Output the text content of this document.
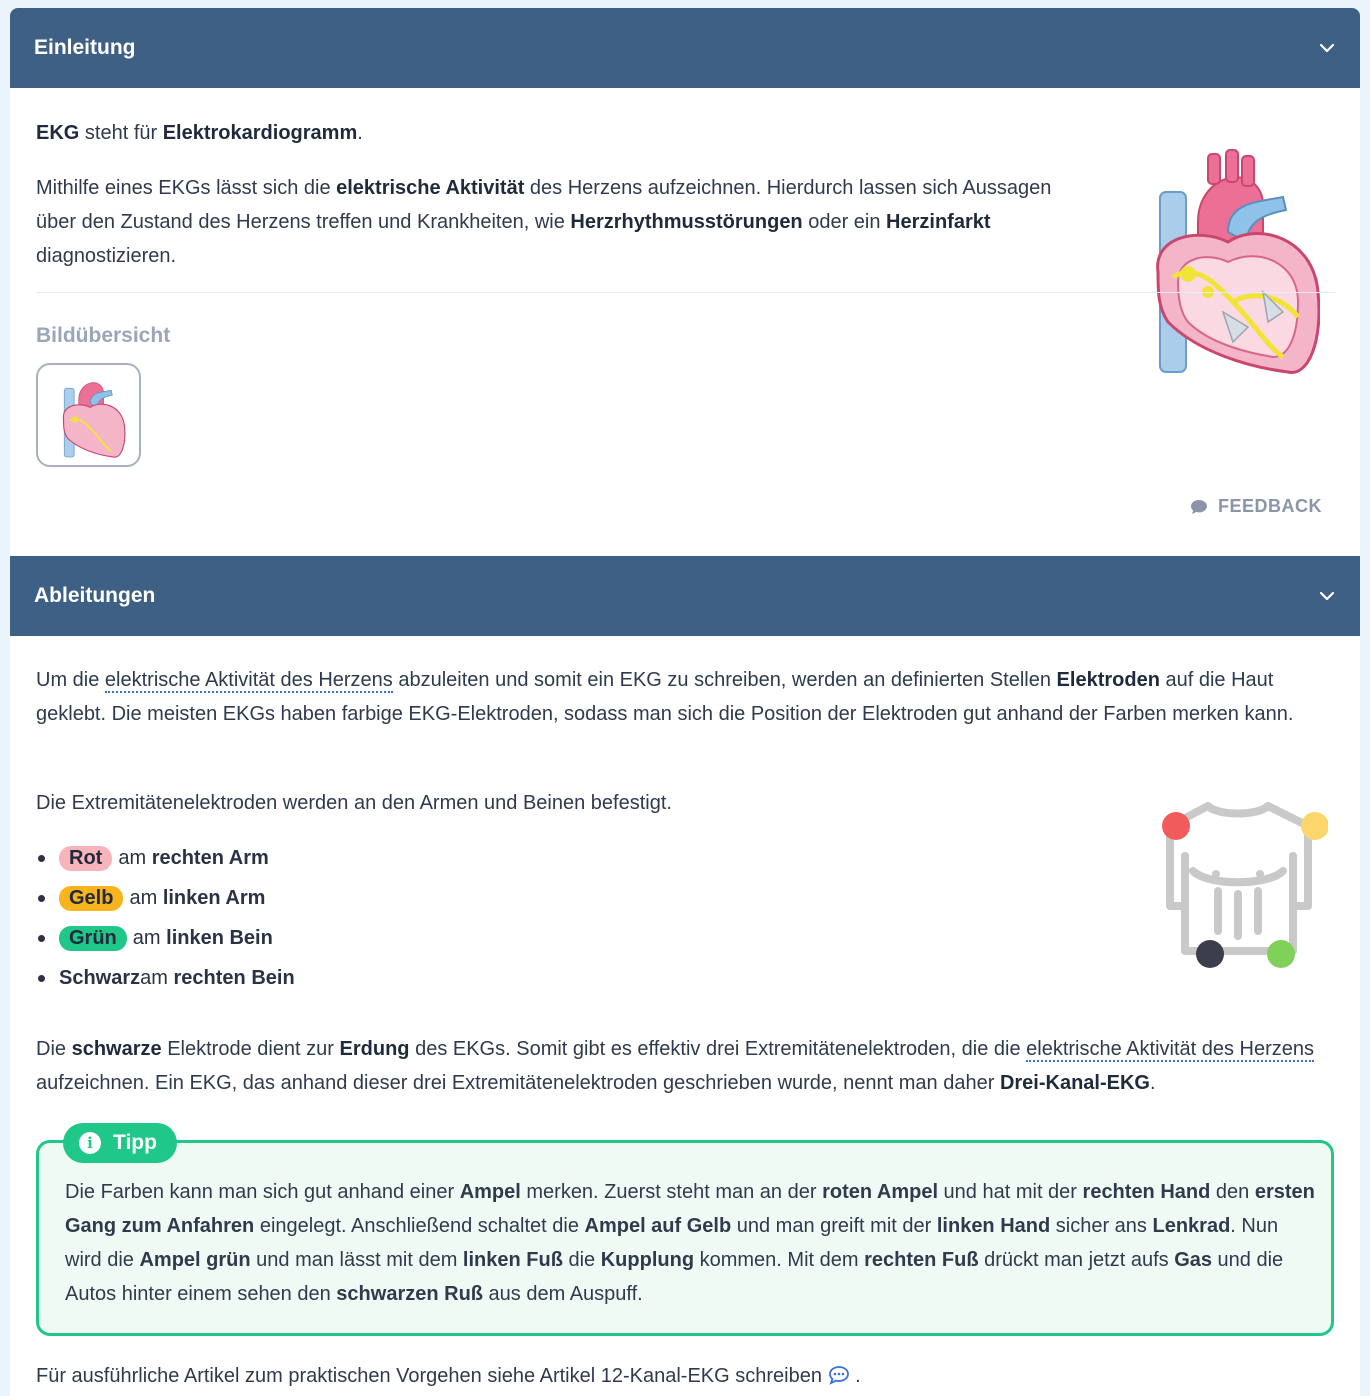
Einleitung
EKG steht für Elektrokardiogramm.
Mithilfe eines EKGs lässt sich die elektrische Aktivität des Herzens aufzeichnen. Hierdurch lassen sich Aussagen über den Zustand des Herzens treffen und Krankheiten, wie Herzrhythmusstörungen oder ein Herzinfarkt diagnostizieren.
Bildübersicht
FEEDBACK
Ableitungen
Um die elektrische Aktivität des Herzens abzuleiten und somit ein EKG zu schreiben, werden an definierten Stellen Elektroden auf die Haut geklebt. Die meisten EKGs haben farbige EKG-Elektroden, sodass man sich die Position der Elektroden gut anhand der Farben merken kann.
Die Extremitätenelektroden werden an den Armen und Beinen befestigt.
Rot am
rechten Arm
Gelb am
linken Arm
Grün am
linken Bein
Schwarz am
rechten Bein
Die schwarze Elektrode dient zur Erdung des EKGs. Somit gibt es effektiv drei Extremitätenelektroden, die die elektrische Aktivität des Herzens aufzeichnen. Ein EKG, das anhand dieser drei Extremitätenelektroden geschrieben wurde, nennt man daher Drei-Kanal-EKG.
i Tipp
Die Farben kann man sich gut anhand einer Ampel merken. Zuerst steht man an der roten Ampel und hat mit der rechten Hand den ersten Gang zum Anfahren eingelegt. Anschließend schaltet die Ampel auf Gelb und man greift mit der linken Hand sicher ans Lenkrad. Nun wird die Ampel grün und man lässt mit dem linken Fuß die Kupplung kommen. Mit dem rechten Fuß drückt man jetzt aufs Gas und die Autos hinter einem sehen den schwarzen Ruß aus dem Auspuff.
Für ausführliche Artikel zum praktischen Vorgehen siehe Artikel 12-Kanal-EKG schreiben  .
